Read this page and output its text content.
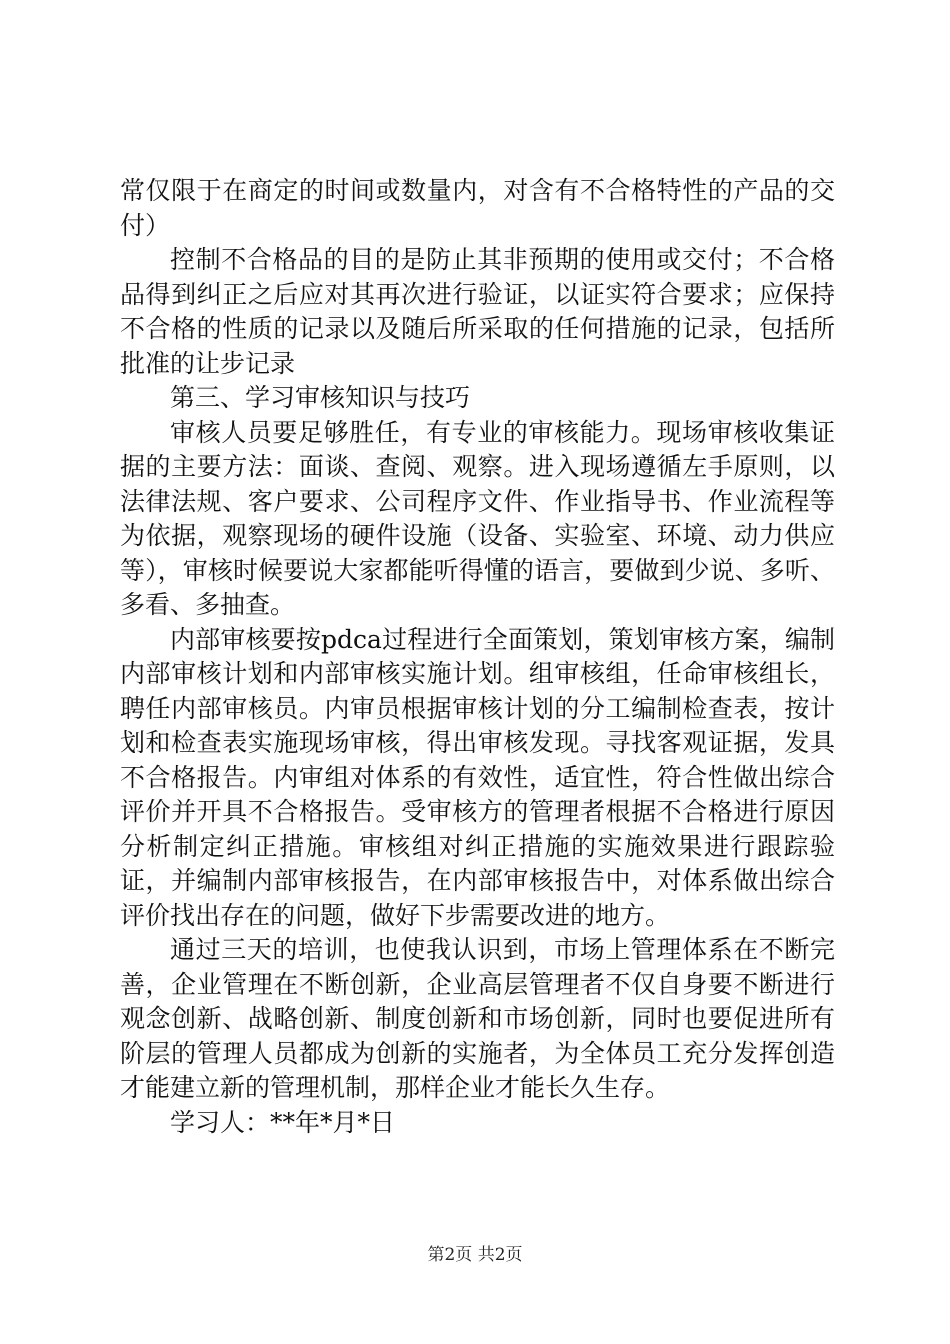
常仅限于在商定的时间或数量内，对含有不合格特性的产品的交付）

控制不合格品的目的是防止其非预期的使用或交付；不合格品得到纠正之后应对其再次进行验证，以证实符合要求；应保持不合格的性质的记录以及随后所采取的任何措施的记录，包括所批准的让步记录

第三、学习审核知识与技巧

审核人员要足够胜任，有专业的审核能力。现场审核收集证据的主要方法：面谈、查阅、观察。进入现场遵循左手原则，以法律法规、客户要求、公司程序文件、作业指导书、作业流程等为依据，观察现场的硬件设施（设备、实验室、环境、动力供应等），审核时候要说大家都能听得懂的语言，要做到少说、多听、多看、多抽查。

内部审核要按pdca过程进行全面策划，策划审核方案，编制内部审核计划和内部审核实施计划。组审核组，任命审核组长，聘任内部审核员。内审员根据审核计划的分工编制检查表，按计划和检查表实施现场审核，得出审核发现。寻找客观证据，发具不合格报告。内审组对体系的有效性，适宜性，符合性做出综合评价并开具不合格报告。受审核方的管理者根据不合格进行原因分析制定纠正措施。审核组对纠正措施的实施效果进行跟踪验证，并编制内部审核报告，在内部审核报告中，对体系做出综合评价找出存在的问题，做好下步需要改进的地方。

通过三天的培训，也使我认识到，市场上管理体系在不断完善，企业管理在不断创新，企业高层管理者不仅自身要不断进行观念创新、战略创新、制度创新和市场创新，同时也要促进所有阶层的管理人员都成为创新的实施者，为全体员工充分发挥创造才能建立新的管理机制，那样企业才能长久生存。

学习人：**年*月*日

第2页 共2页
